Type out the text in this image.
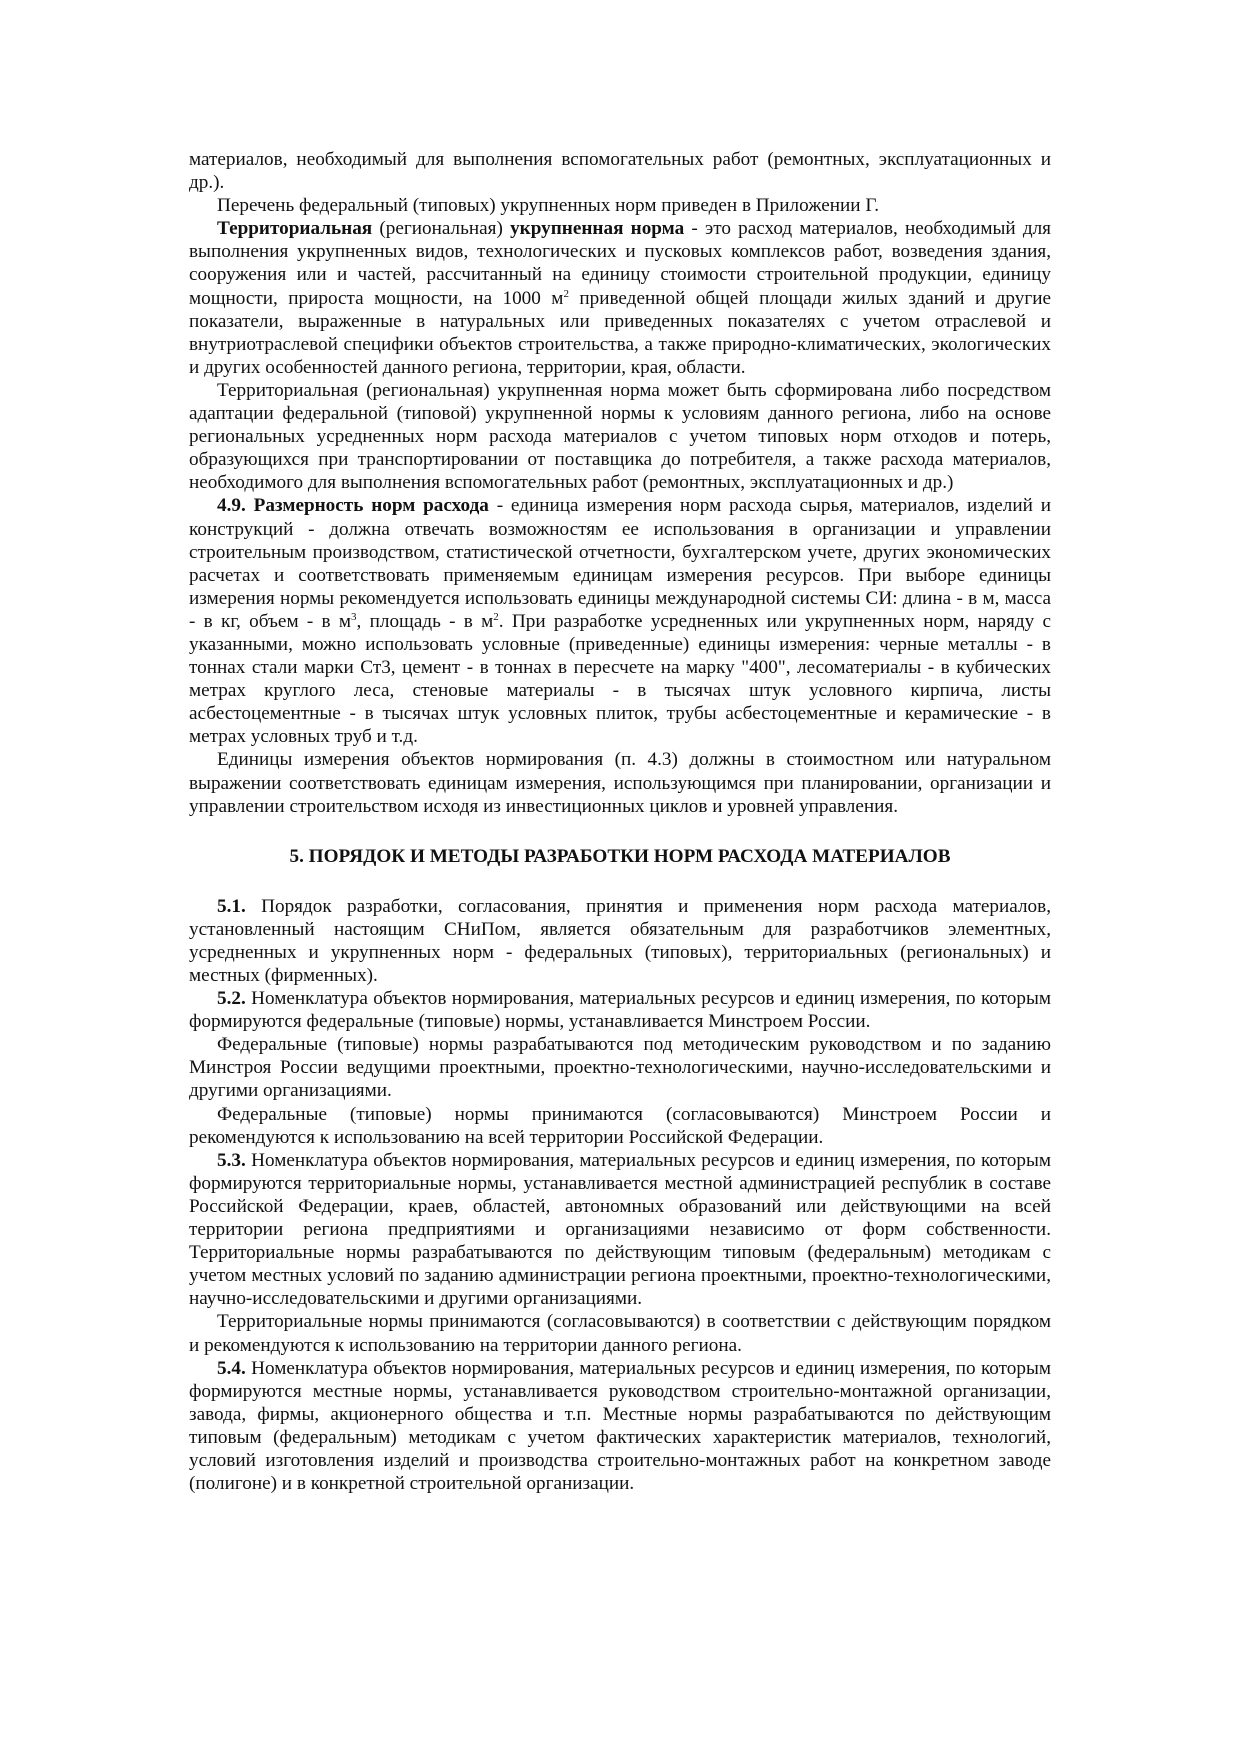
материалов, необходимый для выполнения вспомогательных работ (ремонтных, эксплуатационных и др.).

Перечень федеральный (типовых) укрупненных норм приведен в Приложении Г.

Территориальная (региональная) укрупненная норма - это расход материалов, необходимый для выполнения укрупненных видов, технологических и пусковых комплексов работ, возведения здания, сооружения или и частей, рассчитанный на единицу стоимости строительной продукции, единицу мощности, прироста мощности, на 1000 $м^2$ приведенной общей площади жилых зданий и другие показатели, выраженные в натуральных или приведенных показателях с учетом отраслевой и внутриотраслевой специфики объектов строительства, а также природно-климатических, экологических и других особенностей данного региона, территории, края, области.

Территориальная (региональная) укрупненная норма может быть сформирована либо посредством адаптации федеральной (типовой) укрупненной нормы к условиям данного региона, либо на основе региональных усредненных норм расхода материалов с учетом типовых норм отходов и потерь, образующихся при транспортировании от поставщика до потребителя, а также расхода материалов, необходимого для выполнения вспомогательных работ (ремонтных, эксплуатационных и др.)

4.9. Размерность норм расхода - единица измерения норм расхода сырья, материалов, изделий и конструкций - должна отвечать возможностям ее использования в организации и управлении строительным производством, статистической отчетности, бухгалтерском учете, других экономических расчетах и соответствовать применяемым единицам измерения ресурсов. При выборе единицы измерения нормы рекомендуется использовать единицы международной системы СИ: длина - в м, масса - в кг, объем - в $м^3$, площадь - в $м^2$. При разработке усредненных или укрупненных норм, наряду с указанными, можно использовать условные (приведенные) единицы измерения: черные металлы - в тоннах стали марки Ст3, цемент - в тоннах в пересчете на марку "400", лесоматериалы - в кубических метрах круглого леса, стеновые материалы - в тысячах штук условного кирпича, листы асбестоцементные - в тысячах штук условных плиток, трубы асбестоцементные и керамические - в метрах условных труб и т.д.

Единицы измерения объектов нормирования (п. 4.3) должны в стоимостном или натуральном выражении соответствовать единицам измерения, использующимся при планировании, организации и управлении строительством исходя из инвестиционных циклов и уровней управления.

5. ПОРЯДОК И МЕТОДЫ РАЗРАБОТКИ НОРМ РАСХОДА МАТЕРИАЛОВ

5.1. Порядок разработки, согласования, принятия и применения норм расхода материалов, установленный настоящим СНиПом, является обязательным для разработчиков элементных, усредненных и укрупненных норм - федеральных (типовых), территориальных (региональных) и местных (фирменных).

5.2. Номенклатура объектов нормирования, материальных ресурсов и единиц измерения, по которым формируются федеральные (типовые) нормы, устанавливается Минстроем России.

Федеральные (типовые) нормы разрабатываются под методическим руководством и по заданию Минстроя России ведущими проектными, проектно-технологическими, научно-исследовательскими и другими организациями.

Федеральные (типовые) нормы принимаются (согласовываются) Минстроем России и рекомендуются к использованию на всей территории Российской Федерации.

5.3. Номенклатура объектов нормирования, материальных ресурсов и единиц измерения, по которым формируются территориальные нормы, устанавливается местной администрацией республик в составе Российской Федерации, краев, областей, автономных образований или действующими на всей территории региона предприятиями и организациями независимо от форм собственности. Территориальные нормы разрабатываются по действующим типовым (федеральным) методикам с учетом местных условий по заданию администрации региона проектными, проектно-технологическими, научно-исследовательскими и другими организациями.

Территориальные нормы принимаются (согласовываются) в соответствии с действующим порядком и рекомендуются к использованию на территории данного региона.

5.4. Номенклатура объектов нормирования, материальных ресурсов и единиц измерения, по которым формируются местные нормы, устанавливается руководством строительно-монтажной организации, завода, фирмы, акционерного общества и т.п. Местные нормы разрабатываются по действующим типовым (федеральным) методикам с учетом фактических характеристик материалов, технологий, условий изготовления изделий и производства строительно-монтажных работ на конкретном заводе (полигоне) и в конкретной строительной организации.
